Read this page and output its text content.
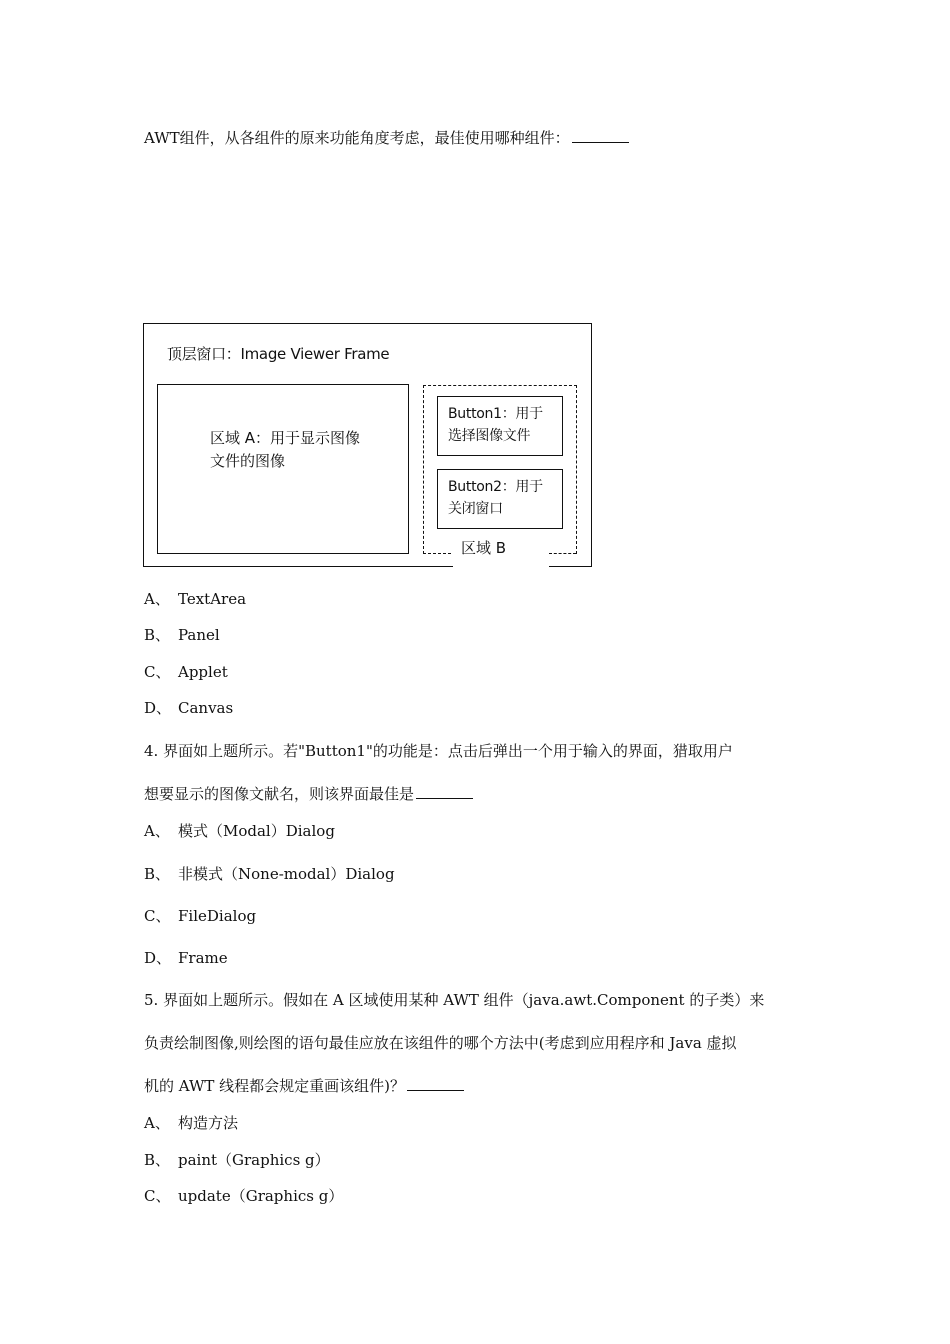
AWT组件，从各组件的原来功能角度考虑，最佳使用哪种组件：
顶层窗口：Image Viewer Frame
区域 A：用于显示图像
文件的图像
区域 B
Button1：用于
选择图像文件
Button2：用于
关闭窗口
A、 TextArea
B、 Panel
C、 Applet
D、 Canvas
4. 界面如上题所示。若"Button1"的功能是：点击后弹出一个用于输入的界面，猎取用户
想要显示的图像文献名，则该界面最佳是
A、 模式（Modal）Dialog
B、 非模式（None-modal）Dialog
C、 FileDialog
D、 Frame
5. 界面如上题所示。假如在 A 区域使用某种 AWT 组件（java.awt.Component 的子类）来
负责绘制图像,则绘图的语句最佳应放在该组件的哪个方法中(考虑到应用程序和 Java 虚拟
机的 AWT 线程都会规定重画该组件)？
A、 构造方法
B、 paint（Graphics g）
C、 update（Graphics g）
